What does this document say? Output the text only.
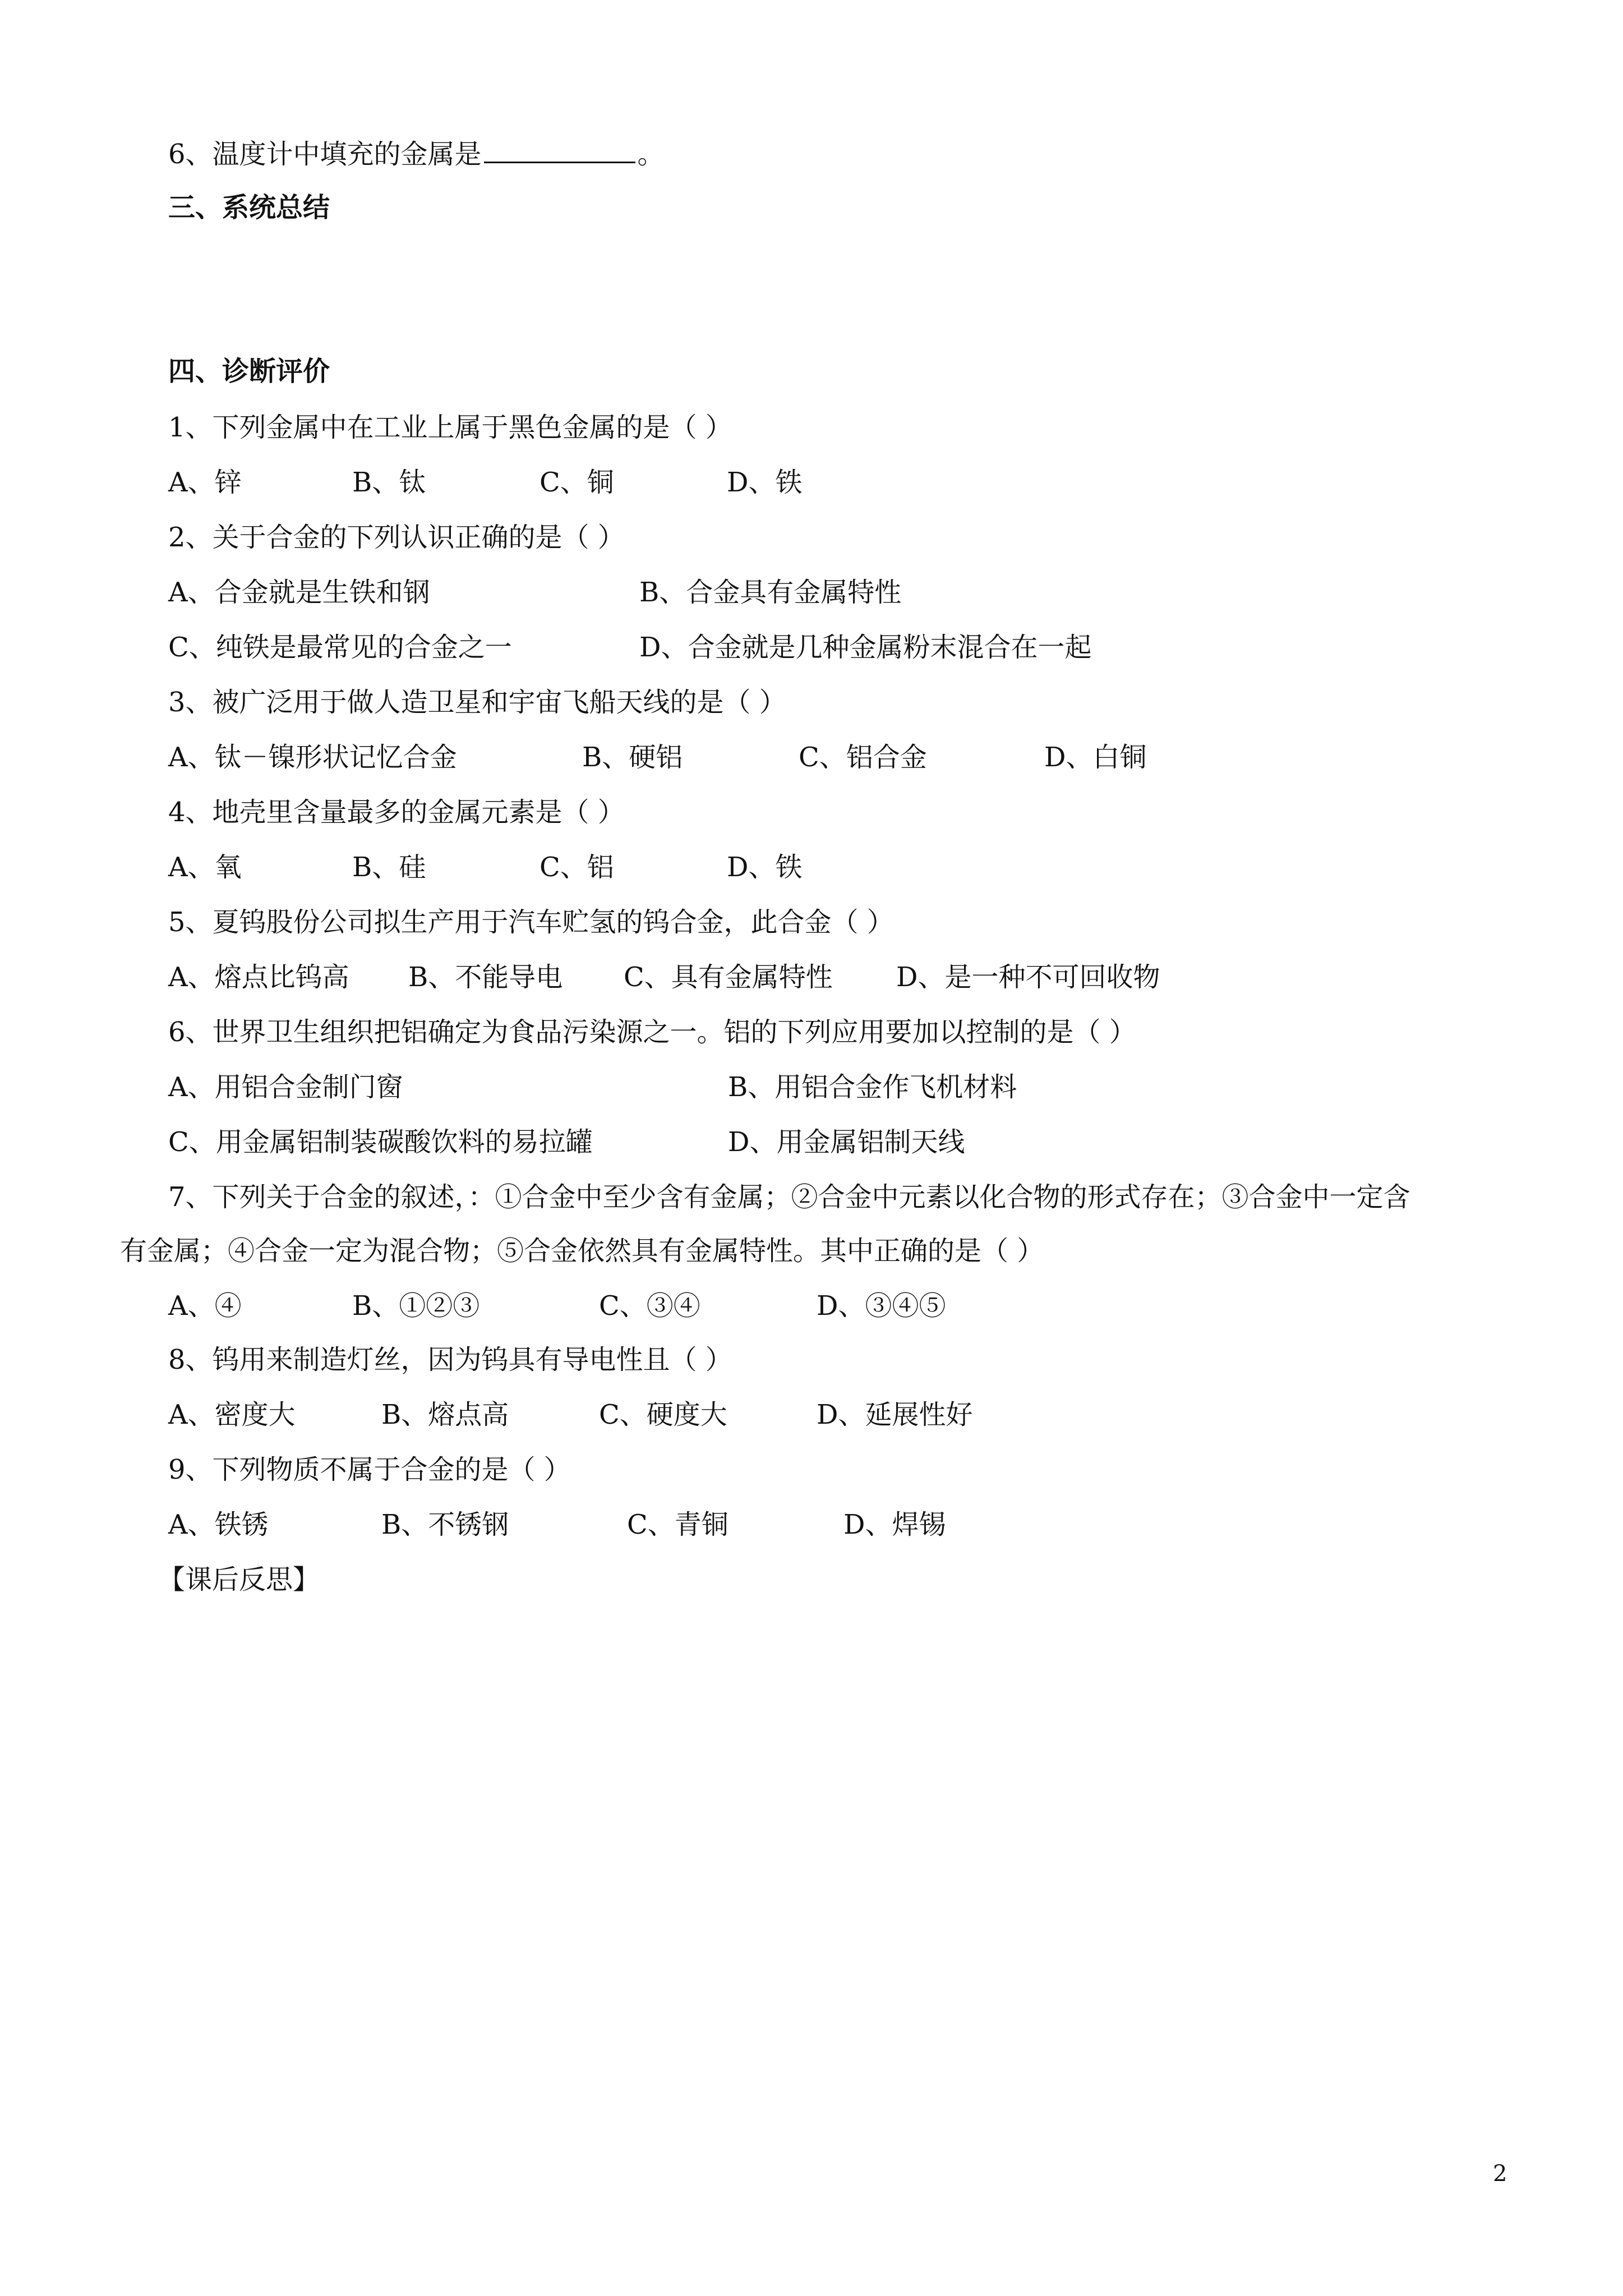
6、温度计中填充的金属是	。
三、系统总结
四、诊断评价
1、下列金属中在工业上属于黑色金属的是（ ）
A、锌	B、钛	C、铜	D、铁
2、关于合金的下列认识正确的是（ ）
A、合金就是生铁和钢	B、合金具有金属特性
C、纯铁是最常见的合金之一	D、合金就是几种金属粉末混合在一起
3、被广泛用于做人造卫星和宇宙飞船天线的是（ ）
A、钛－镍形状记忆合金	B、硬铝	C、铝合金	D、白铜
4、地壳里含量最多的金属元素是（ ）
A、氧	B、硅	C、铝	D、铁
5、夏钨股份公司拟生产用于汽车贮氢的钨合金，此合金（ ）
A、熔点比钨高 B、不能导电 C、具有金属特性 D、是一种不可回收物
6、世界卫生组织把铝确定为食品污染源之一。铝的下列应用要加以控制的是（ ）
A、用铝合金制门窗	B、用铝合金作飞机材料
C、用金属铝制装碳酸饮料的易拉罐	D、用金属铝制天线
7、下列关于合金的叙述，：①合金中至少含有金属；②合金中元素以化合物的形式存在；③合金中一定含
有金属；④合金一定为混合物；⑤合金依然具有金属特性。其中正确的是（ ）
A、④	B、①②③	C、③④	D、③④⑤
8、钨用来制造灯丝，因为钨具有导电性且（ ）
A、密度大	B、熔点高	C、硬度大	D、延展性好
9、下列物质不属于合金的是（ ）
A、铁锈	B、不锈钢	C、青铜	D、焊锡
【课后反思】
2
